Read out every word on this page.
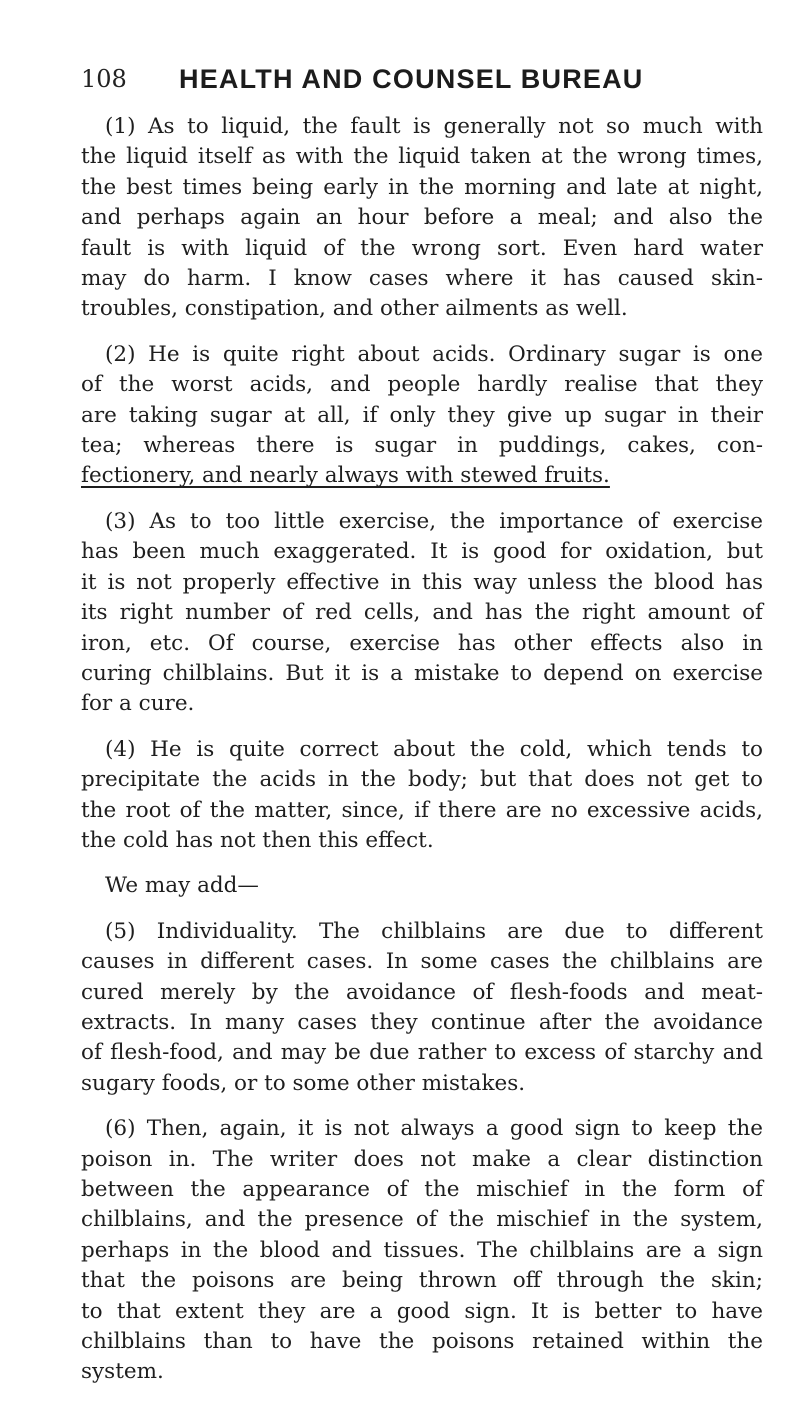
108 HEALTH AND COUNSEL BUREAU

(1) As to liquid, the fault is generally not so much with
the liquid itself as with the liquid taken at the wrong times,
the best times being early in the morning and late at night,
and perhaps again an hour before a meal; and also the
fault is with liquid of the wrong sort. Even hard water
may do harm. I know cases where it has caused skin-
troubles, constipation, and other ailments as well.

(2) He is quite right about acids. Ordinary sugar is one
of the worst acids, and people hardly realise that they
are taking sugar at all, if only they give up sugar in their
tea; whereas there is sugar in puddings, cakes, con-
fectionery, and nearly always with stewed fruits.

(3) As to too little exercise, the importance of exercise
has been much exaggerated. It is good for oxidation, but
it is not properly effective in this way unless the blood has
its right number of red cells, and has the right amount of
iron, etc. Of course, exercise has other effects also in
curing chilblains. But it is a mistake to depend on exercise
for a cure.

(4) He is quite correct about the cold, which tends to
precipitate the acids in the body; but that does not get to
the root of the matter, since, if there are no excessive acids,
the cold has not then this effect.

We may add—

(5) Individuality. The chilblains are due to different
causes in different cases. In some cases the chilblains are
cured merely by the avoidance of flesh-foods and meat-
extracts. In many cases they continue after the avoidance
of flesh-food, and may be due rather to excess of starchy and
sugary foods, or to some other mistakes.

(6) Then, again, it is not always a good sign to keep the
poison in. The writer does not make a clear distinction
between the appearance of the mischief in the form of
chilblains, and the presence of the mischief in the system,
perhaps in the blood and tissues. The chilblains are a sign
that the poisons are being thrown off through the skin;
to that extent they are a good sign. It is better to have
chilblains than to have the poisons retained within the
system.
